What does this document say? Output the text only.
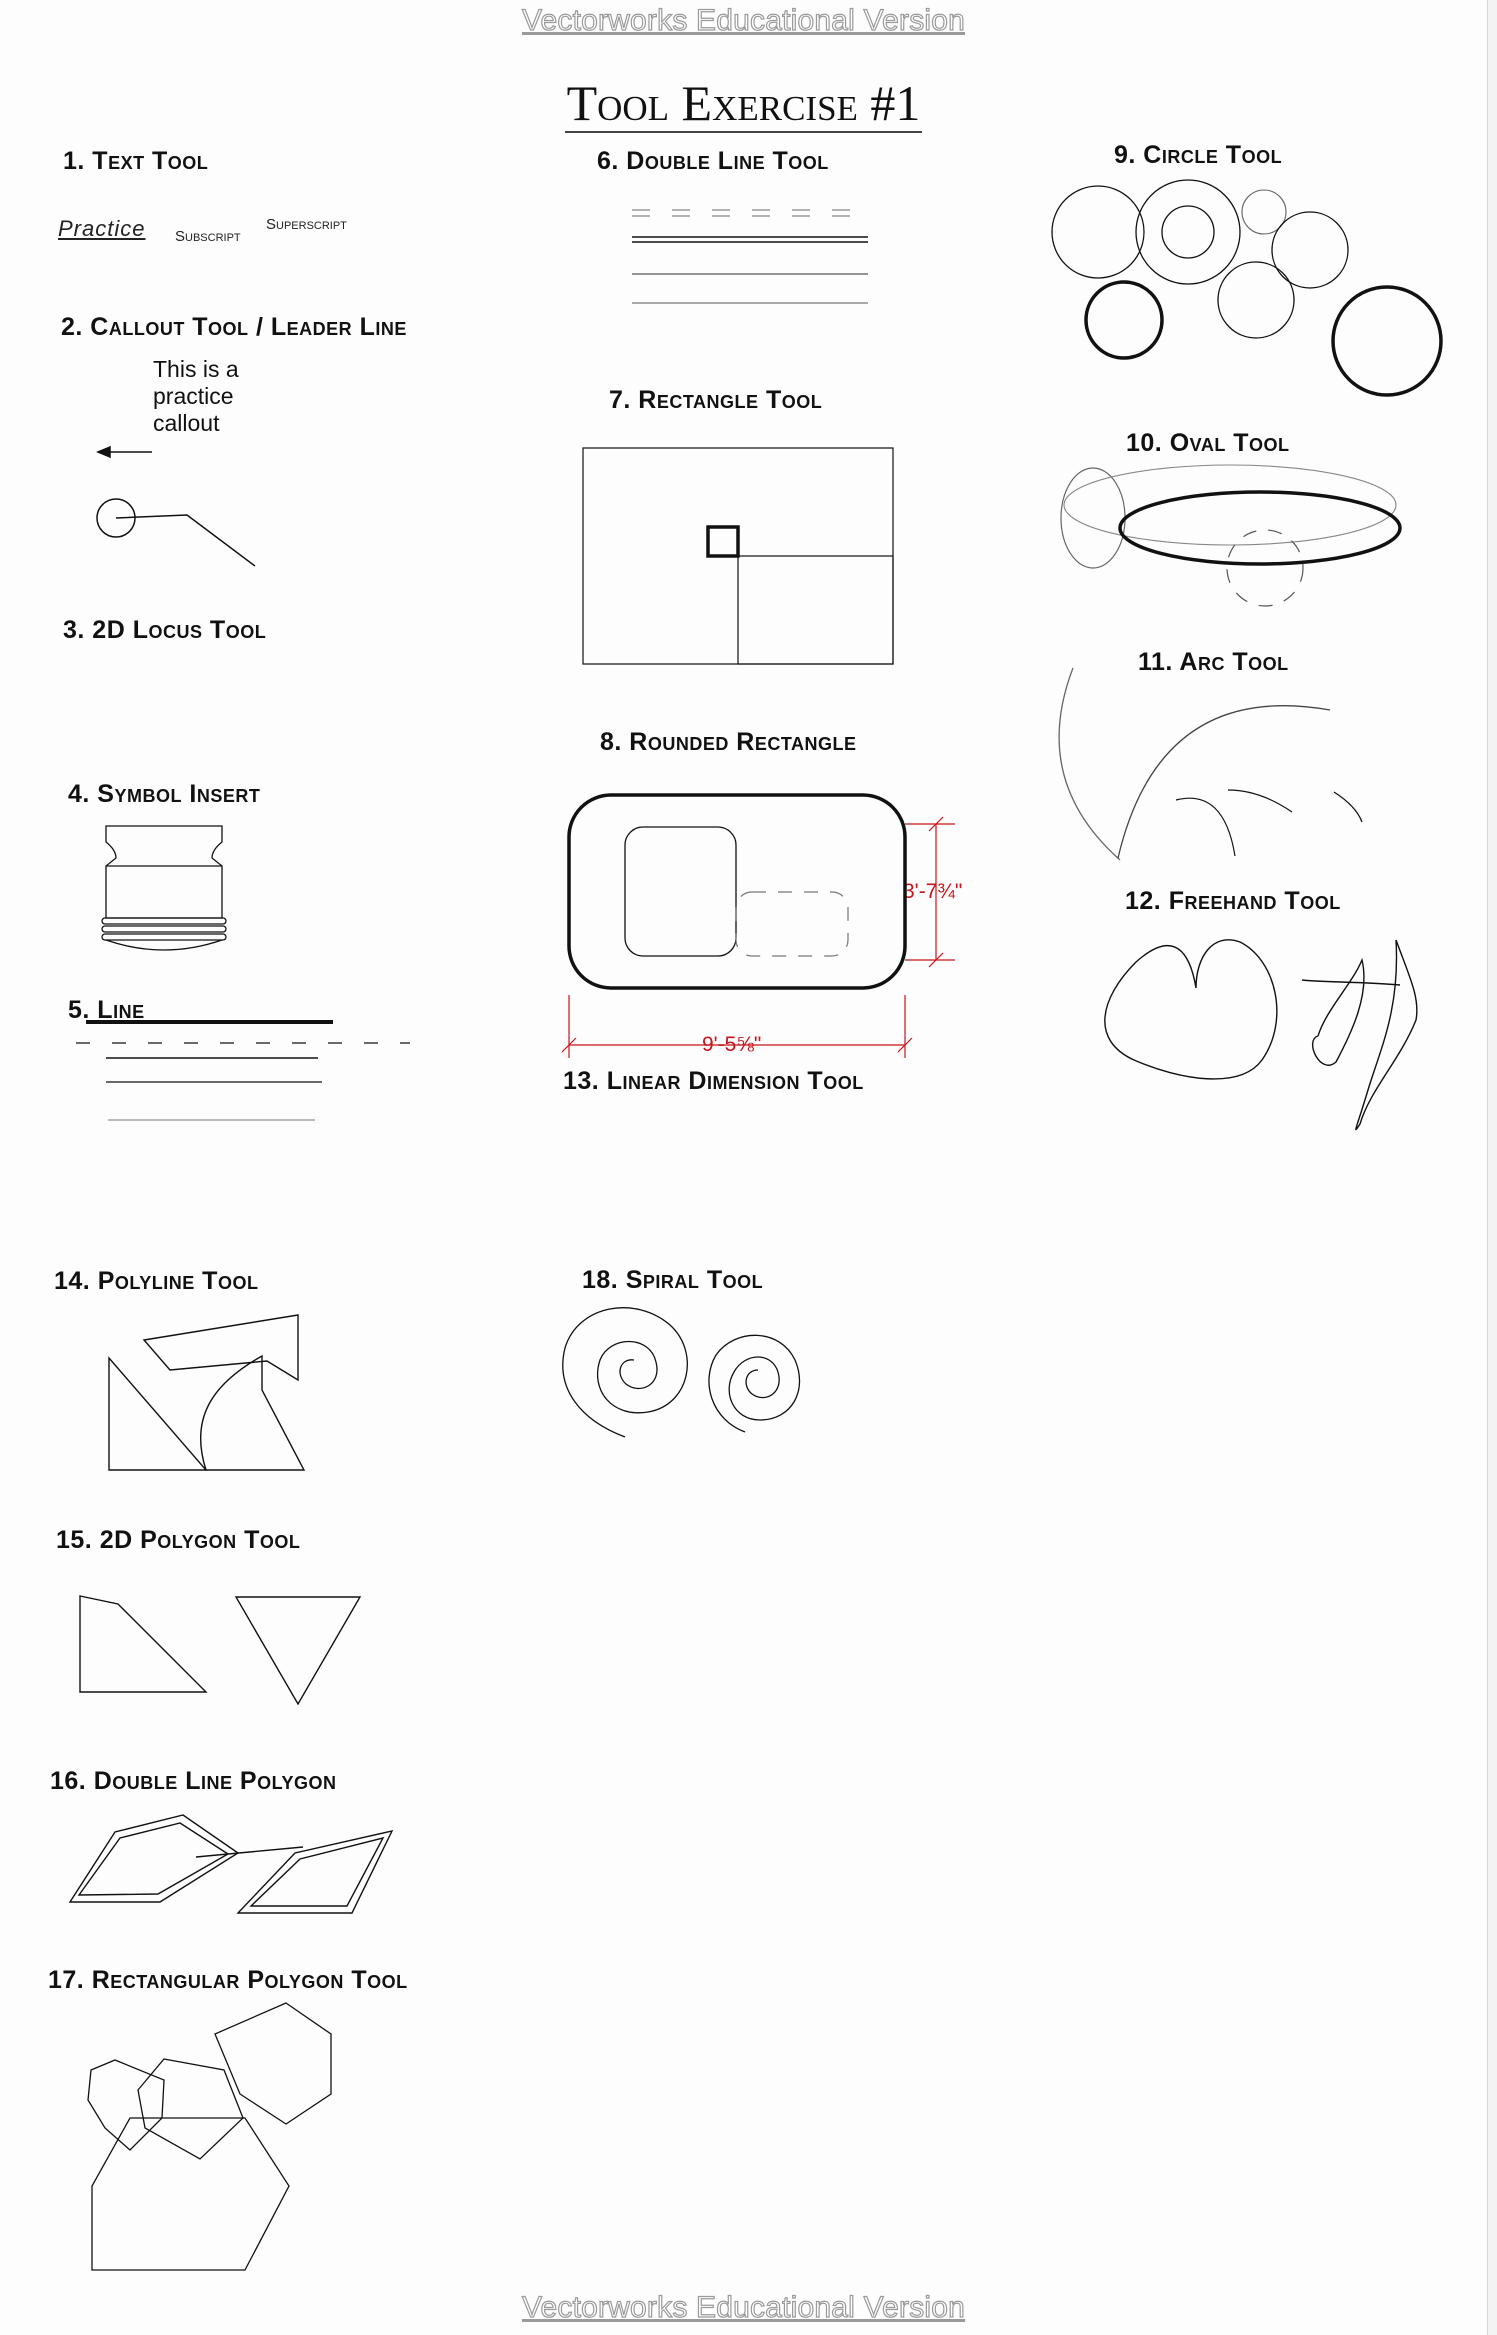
Vectorworks Educational Version
Tool Exercise #1
1. Text Tool
2. Callout Tool / Leader Line
3. 2D Locus Tool
4. Symbol Insert
5. Line
14. Polyline Tool
15. 2D Polygon Tool
16. Double Line Polygon
17. Rectangular Polygon Tool
6. Double Line Tool
7. Rectangle Tool
8. Rounded Rectangle
13. Linear Dimension Tool
18. Spiral Tool
9. Circle Tool
10. Oval Tool
11. Arc Tool
12. Freehand Tool
Practice Subscript
Superscript
This is a
practice
callout
3'-7¾"
9'-5⅝"
Vectorworks Educational Version
